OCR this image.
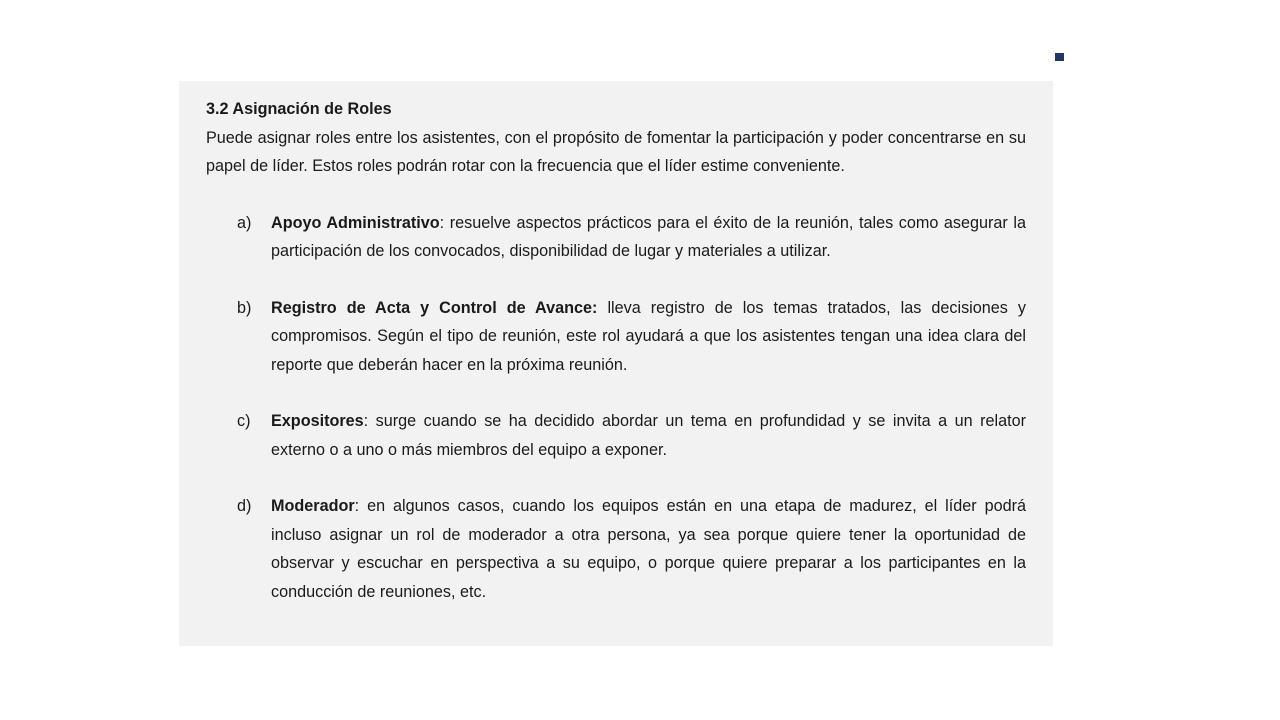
3.2 Asignación de Roles

Puede asignar roles entre los asistentes, con el propósito de fomentar la participación y poder concentrarse en su papel de líder. Estos roles podrán rotar con la frecuencia que el líder estime conveniente.

a)	Apoyo Administrativo: resuelve aspectos prácticos para el éxito de la reunión, tales como asegurar la participación de los convocados, disponibilidad de lugar y materiales a utilizar.
b)	Registro de Acta y Control de Avance: lleva registro de los temas tratados, las decisiones y compromisos. Según el tipo de reunión, este rol ayudará a que los asistentes tengan una idea clara del reporte que deberán hacer en la próxima reunión.
c)	Expositores: surge cuando se ha decidido abordar un tema en profundidad y se invita a un relator externo o a uno o más miembros del equipo a exponer.
d)	Moderador: en algunos casos, cuando los equipos están en una etapa de madurez, el líder podrá incluso asignar un rol de moderador a otra persona, ya sea porque quiere tener la oportunidad de observar y escuchar en perspectiva a su equipo, o porque quiere preparar a los participantes en la conducción de reuniones, etc.
